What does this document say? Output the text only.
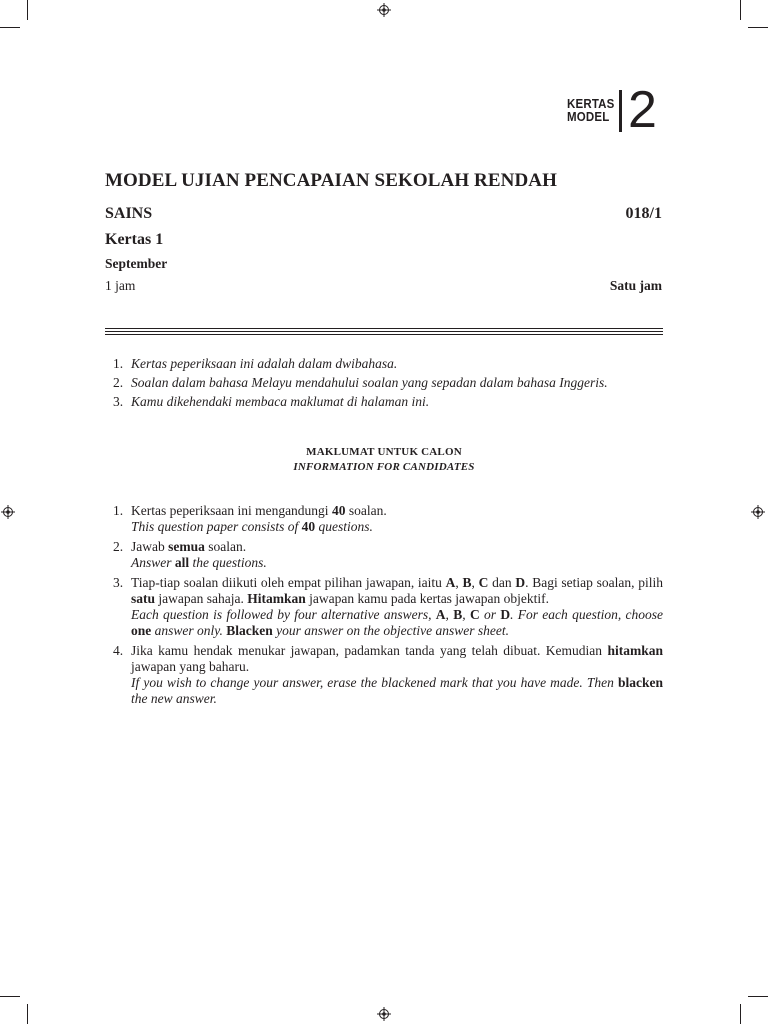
KERTAS
MODEL 2
MODEL UJIAN PENCAPAIAN SEKOLAH RENDAH
SAINS	018/1
Kertas 1
September
1 jam	Satu jam
1. Kertas peperiksaan ini adalah dalam dwibahasa.
2. Soalan dalam bahasa Melayu mendahului soalan yang sepadan dalam bahasa Inggeris.
3. Kamu dikehendaki membaca maklumat di halaman ini.
MAKLUMAT UNTUK CALON
INFORMATION FOR CANDIDATES
1. Kertas peperiksaan ini mengandungi 40 soalan.
This question paper consists of 40 questions.
2. Jawab semua soalan.
Answer all the questions.
3. Tiap-tiap soalan diikuti oleh empat pilihan jawapan, iaitu A, B, C dan D. Bagi setiap soalan, pilih satu jawapan sahaja. Hitamkan jawapan kamu pada kertas jawapan objektif.
Each question is followed by four alternative answers, A, B, C or D. For each question, choose one answer only. Blacken your answer on the objective answer sheet.
4. Jika kamu hendak menukar jawapan, padamkan tanda yang telah dibuat. Kemudian hitamkan jawapan yang baharu.
If you wish to change your answer, erase the blackened mark that you have made. Then blacken the new answer.
